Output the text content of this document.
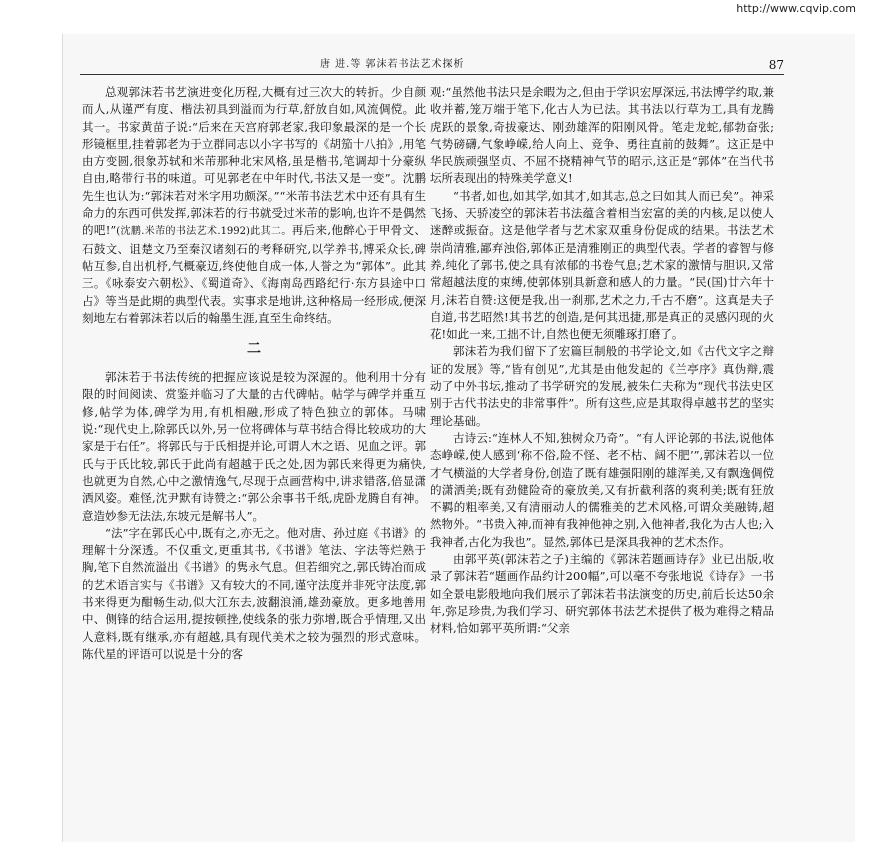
http://www.cqvip.com
唐 进.等 郭沫若书法艺术探析	87

总观郭沫若书艺演进变化历程,大概有过三次大的转折。少自颜而人,从谨严有度、楷法初具到溢而为行草,舒放自如,风流倜傥。此其一。书家黄苗子说:“后来在天宫府郭老家,我印象最深的是一个长形镜框里,挂着郭老为于立群同志以小字书写的《胡笳十八拍》,用笔由方变圆,很象苏轼和米芾那种北宋风格,虽是楷书,笔调却十分豪纵自由,略带行书的味道。可见郭老在中年时代,书法又是一变”。沈鹏先生也认为:“郭沫若对米字用功颇深。”“米芾书法艺术中还有具有生命力的东西可供发挥,郭沫若的行书就受过米芾的影响,也许不是偶然的吧!”(沈鹏.米芾的书法艺术.1992)此其二。再后来,他醉心于甲骨文、石鼓文、诅楚文乃至秦汉诸刻石的考释研究,以学养书,博采众长,碑帖互参,自出机杼,气概豪迈,终使他自成一体,人誉之为“郭体”。此其三。《咏泰安六朝松》、《蜀道奇》、《海南岛西路纪行·东方县途中口占》等当是此期的典型代表。实事求是地讲,这种格局一经形成,便深刻地左右着郭沫若以后的翰墨生涯,直至生命终结。

二

郭沫若于书法传统的把握应该说是较为深渥的。他利用十分有限的时间阅读、赏鉴并临习了大量的古代碑帖。帖学与碑学并重互修,帖学为体,碑学为用,有机相融,形成了特色独立的郭体。马啸说:“现代史上,除郭氏以外,另一位将碑体与草书结合得比较成功的大家是于右任”。将郭氏与于氏相提并论,可谓人木之语、见血之评。郭氏与于氏比较,郭氏于此尚有超越于氏之处,因为郭氏来得更为痛快,也就更为自然,心中之激情逸气,尽现于点画营构中,讲求错落,倍显潇洒风姿。难怪,沈尹默有诗赞之:“郭公余事书千纸,虎卧龙腾自有神。意造妙参无法法,东坡元是解书人”。

“法”字在郭氏心中,既有之,亦无之。他对唐、孙过庭《书谱》的理解十分深透。不仅重文,更重其书,《书谱》笔法、字法等烂熟于胸,笔下自然流溢出《书谱》的隽永气息。但若细究之,郭氏铸冶而成的艺术语言实与《书谱》又有较大的不同,谨守法度并非死守法度,郭书来得更为酣畅生动,似大江东去,波翻浪涌,雄劲豪放。更多地善用中、侧锋的结合运用,提按顿挫,使线条的张力弥增,既合乎情理,又出人意料,既有继承,亦有超越,具有现代美术之较为强烈的形式意味。陈代星的评语可以说是十分的客

观:“虽然他书法只是余暇为之,但由于学识宏厚深远,书法博学约取,兼收并蓄,笼万端于笔下,化古人为已法。其书法以行草为工,具有龙腾虎跃的景象,奇拔豪达、刚劲雄浑的阳刚风骨。笔走龙蛇,郁勃奋张;气势磅礴,气象峥嵘,给人向上、竞争、勇往直前的鼓舞”。这正是中华民族顽强坚贞、不屈不挠精神气节的昭示,这正是“郭体”在当代书坛所表现出的特殊美学意义!

“书者,如也,如其学,如其才,如其志,总之曰如其人而已矣”。神采飞扬、天骄凌空的郭沫若书法蕴含着相当宏富的美的内核,足以使人迷醉或振奋。这是他学者与艺术家双重身份促成的结果。书法艺术崇尚清雅,鄙弃浊俗,郭体正是清雅刚正的典型代表。学者的睿智与修养,纯化了郭书,使之具有浓郁的书卷气息;艺术家的激情与胆识,又常常超越法度的束缚,使郭体别具新意和感人的力量。“民(国)廿六年十月,沫若自赞:这便是我,出一刹那,艺术之力,千古不磨”。这真是夫子自道,书艺昭然!其书艺的创造,是何其迅捷,那是真正的灵感闪现的火花!如此一来,工拙不计,自然也便无须雕琢打磨了。

郭沫若为我们留下了宏篇巨制般的书学论文,如《古代文字之辩证的发展》等,“皆有创见”,尤其是由他发起的《兰亭序》真伪辩,震动了中外书坛,推动了书学研究的发展,被朱仁夫称为“现代书法史区别于古代书法史的非常事件”。所有这些,应是其取得卓越书艺的坚实理论基础。

古诗云:“连林人不知,独树众乃奇”。“有人评论郭的书法,说他体态峥嵘,使人感到‘称不俗,险不怪、老不枯、阔不肥’”,郭沫若以一位才气横溢的大学者身份,创造了既有雄强阳刚的雄浑美,又有飘逸倜傥的潇洒美;既有劲健险奇的豪放美,又有折截利落的爽利美;既有狂放不羁的粗率美,又有清丽动人的儒雅美的艺术风格,可谓众美融铸,超然物外。“书贵入神,而神有我神他神之别,入他神者,我化为古人也;入我神者,古化为我也”。显然,郭体已是深具我神的艺术杰作。

由郭平英(郭沫若之子)主编的《郭沫若题画诗存》业已出版,收录了郭沫若“题画作品约计200幅”,可以毫不夸张地说《诗存》一书如全景电影般地向我们展示了郭沫若书法演变的历史,前后长达50余年,弥足珍贵,为我们学习、研究郭体书法艺术提供了极为难得之精品材料,恰如郭平英所谓:“父亲
